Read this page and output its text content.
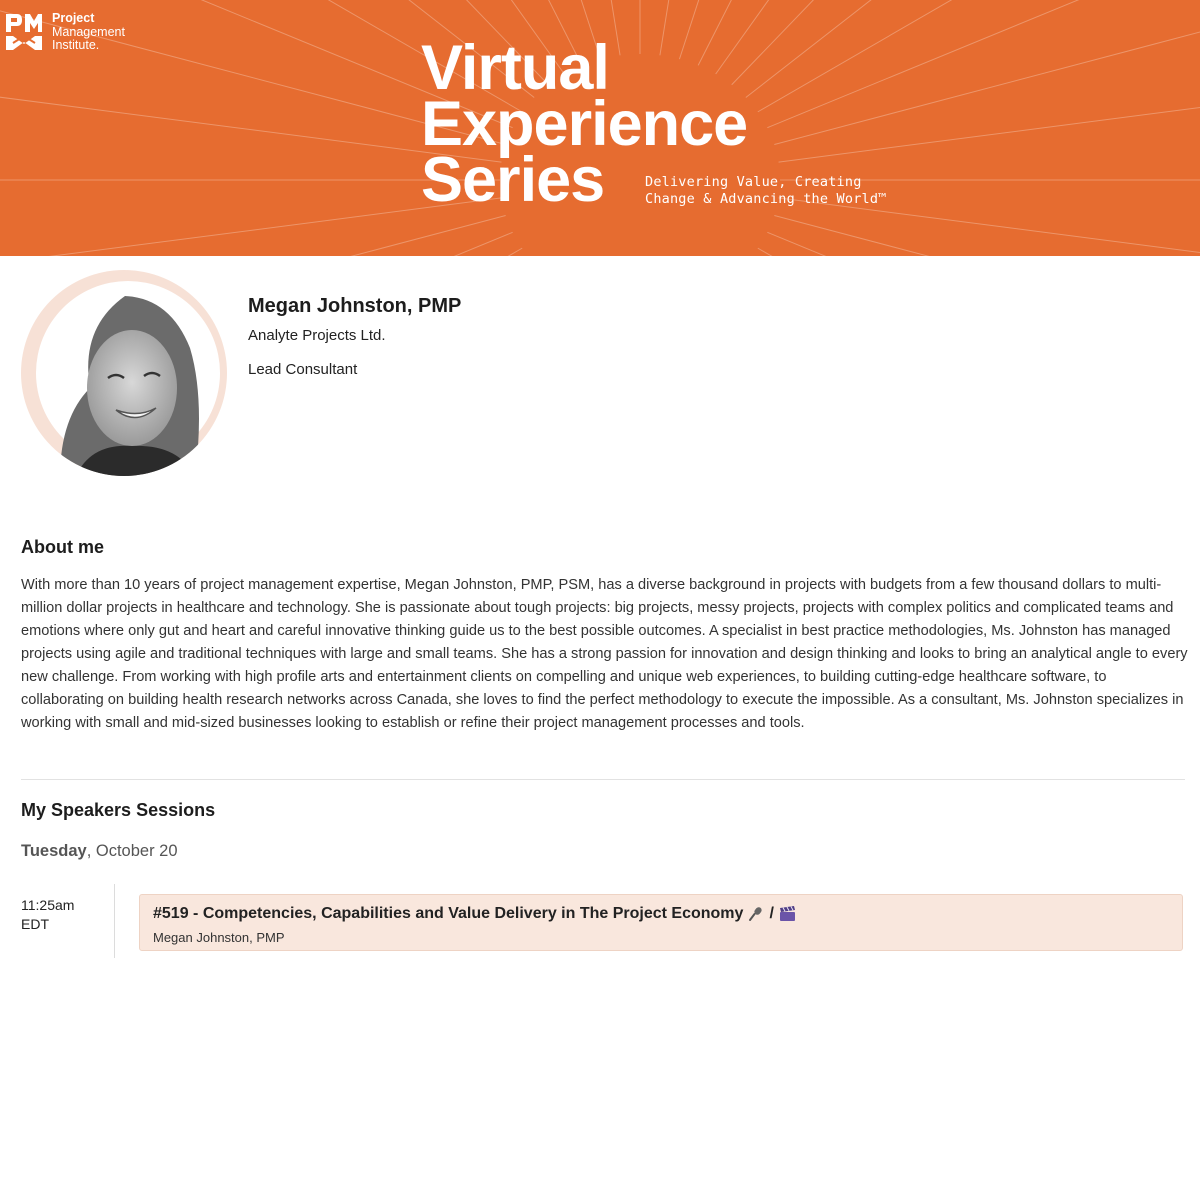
Project
Management
Institute.	Virtual
Experience
Series	Delivering Value, Creating
Change & Advancing the World™
Megan Johnston, PMP
Analyte Projects Ltd.
Lead Consultant
About me

With more than 10 years of project management expertise, Megan Johnston, PMP, PSM, has a diverse background in projects with budgets from a few thousand dollars to multi-million dollar projects in healthcare and technology. She is passionate about tough projects: big projects, messy projects, projects with complex politics and complicated teams and emotions where only gut and heart and careful innovative thinking guide us to the best possible outcomes. A specialist in best practice methodologies, Ms. Johnston has managed projects using agile and traditional techniques with large and small teams. She has a strong passion for innovation and design thinking and looks to bring an analytical angle to every new challenge. From working with high profile arts and entertainment clients on compelling and unique web experiences, to building cutting-edge healthcare software, to collaborating on building health research networks across Canada, she loves to find the perfect methodology to execute the impossible. As a consultant, Ms. Johnston specializes in working with small and mid-sized businesses looking to establish or refine their project management processes and tools.

My Speakers Sessions
Tuesday, October 20
11:25am
EDT
#519 - Competencies, Capabilities and Value Delivery in The Project Economy /
Megan Johnston, PMP
